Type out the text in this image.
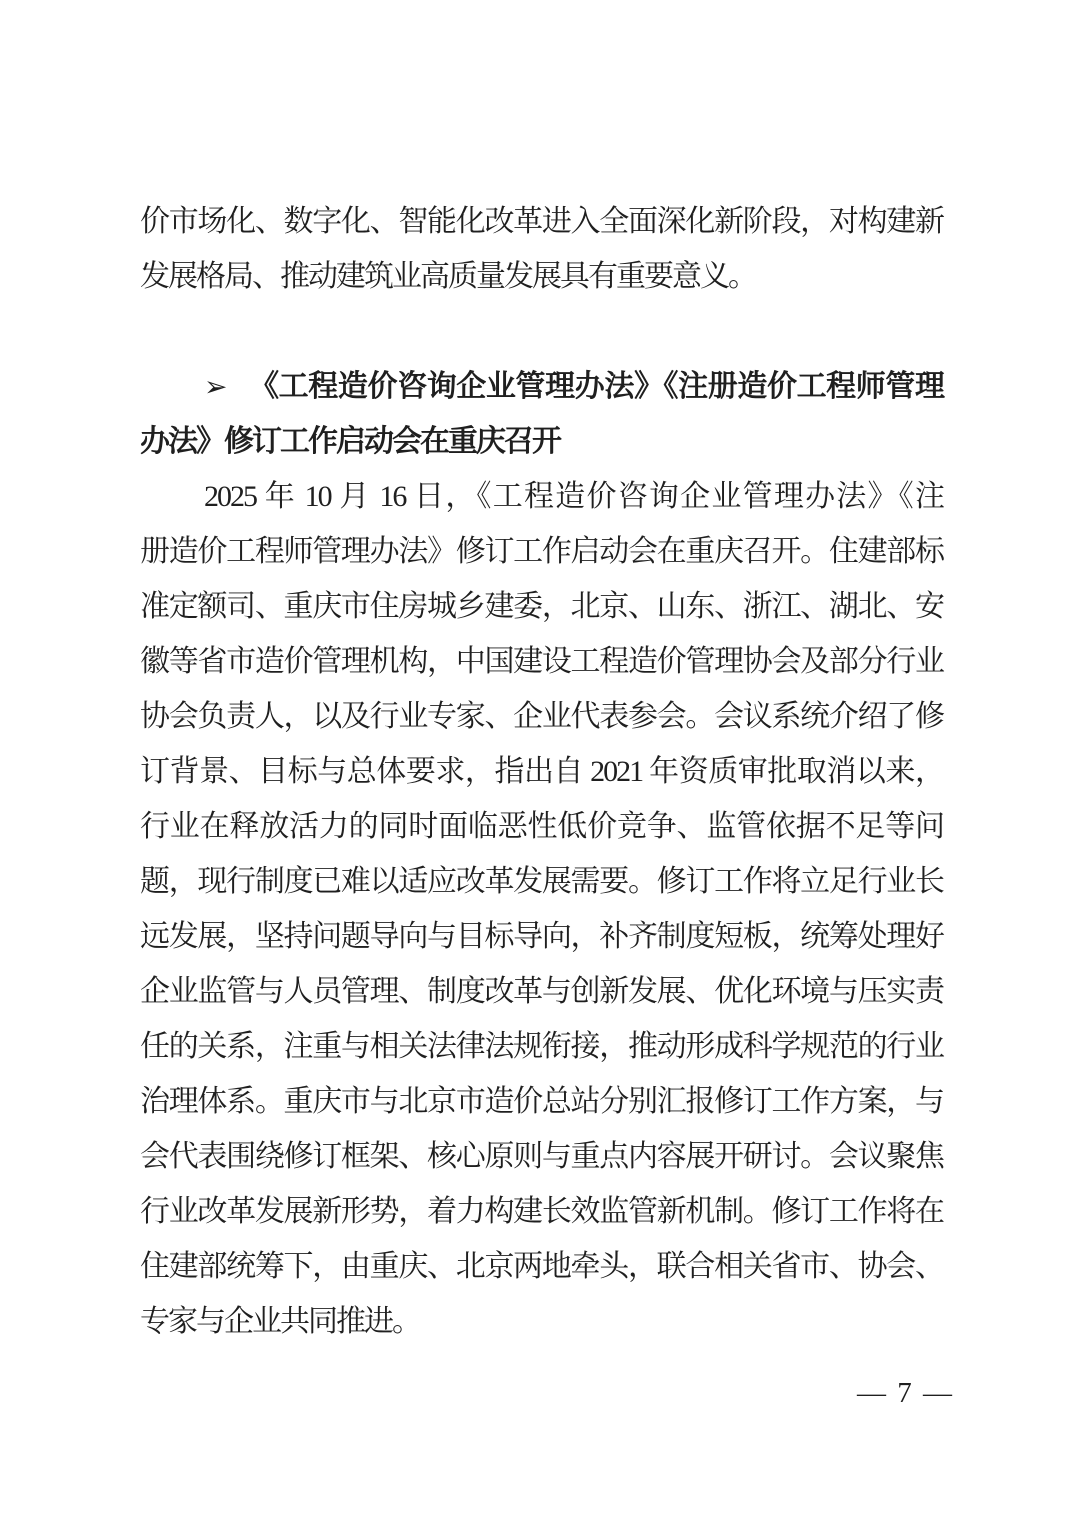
价市场化、数字化、智能化改革进入全面深化新阶段，对构建新
发展格局、推动建筑业高质量发展具有重要意义。
➢ 《工程造价咨询企业管理办法》《注册造价工程师管理
办法》修订工作启动会在重庆召开
2025 年 10 月 16 日，《工程造价咨询企业管理办法》《注
册造价工程师管理办法》修订工作启动会在重庆召开。住建部标
准定额司、重庆市住房城乡建委，北京、山东、浙江、湖北、安
徽等省市造价管理机构，中国建设工程造价管理协会及部分行业
协会负责人，以及行业专家、企业代表参会。会议系统介绍了修
订背景、目标与总体要求，指出自 2021 年资质审批取消以来，
行业在释放活力的同时面临恶性低价竞争、监管依据不足等问
题，现行制度已难以适应改革发展需要。修订工作将立足行业长
远发展，坚持问题导向与目标导向，补齐制度短板，统筹处理好
企业监管与人员管理、制度改革与创新发展、优化环境与压实责
任的关系，注重与相关法律法规衔接，推动形成科学规范的行业
治理体系。重庆市与北京市造价总站分别汇报修订工作方案，与
会代表围绕修订框架、核心原则与重点内容展开研讨。会议聚焦
行业改革发展新形势，着力构建长效监管新机制。修订工作将在
住建部统筹下，由重庆、北京两地牵头，联合相关省市、协会、
专家与企业共同推进。
— 7 —
